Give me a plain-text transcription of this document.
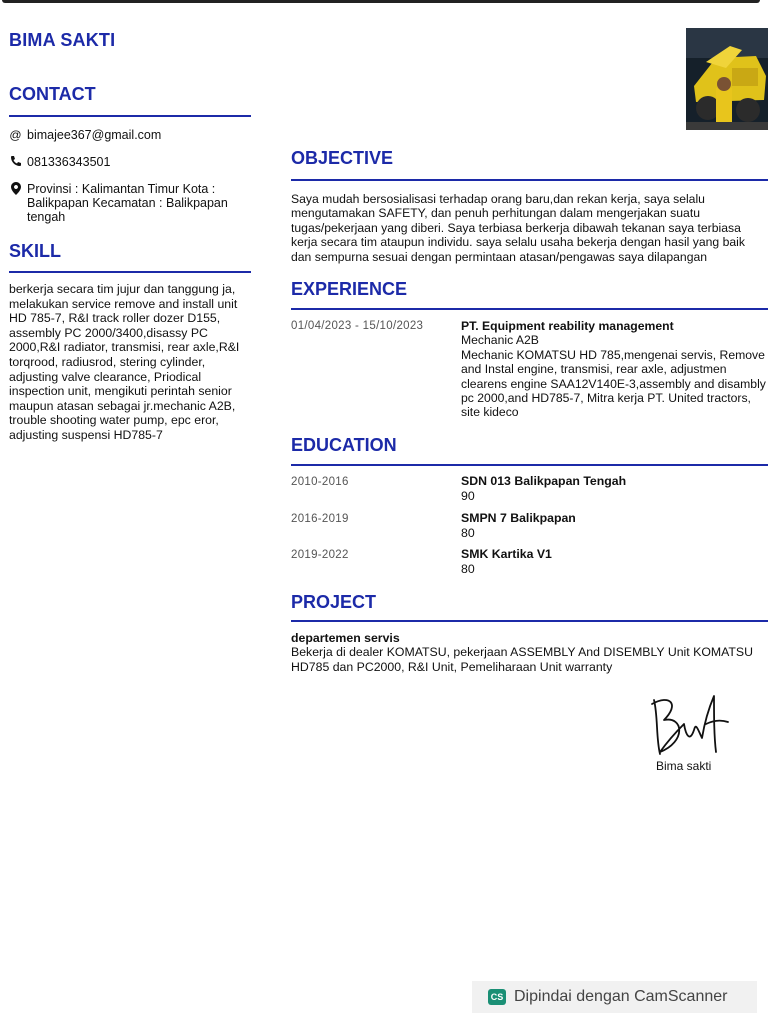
BIMA SAKTI
CONTACT
@ bimajee367@gmail.com
081336343501
Provinsi : Kalimantan Timur Kota : Balikpapan Kecamatan : Balikpapan tengah
SKILL
berkerja secara tim jujur dan tanggung ja, melakukan service remove and install unit HD 785-7, R&I track roller dozer D155, assembly PC 2000/3400,disassy PC 2000,R&I radiator, transmisi, rear axle,R&I torqrood, radiusrod, stering cylinder, adjusting valve clearance, Priodical inspection unit, mengikuti perintah senior maupun atasan sebagai jr.mechanic A2B, trouble shooting water pump, epc eror, adjusting suspensi HD785-7
OBJECTIVE
Saya mudah bersosialisasi terhadap orang baru,dan rekan kerja, saya selalu mengutamakan SAFETY, dan penuh perhitungan dalam mengerjakan suatu tugas/pekerjaan yang diberi. Saya terbiasa berkerja dibawah tekanan saya terbiasa kerja secara tim ataupun individu. saya selalu usaha bekerja dengan hasil yang baik dan sempurna sesuai dengan permintaan atasan/pengawas saya dilapangan
EXPERIENCE
01/04/2023 - 15/10/2023	PT. Equipment reability management
Mechanic A2B
Mechanic KOMATSU HD 785,mengenai servis, Remove and Instal engine, transmisi, rear axle, adjustmen clearens engine SAA12V140E-3,assembly and disambly pc 2000,and HD785-7, Mitra kerja PT. United tractors, site kideco
EDUCATION
2010-2016	SDN 013 Balikpapan Tengah
90
2016-2019	SMPN 7 Balikpapan
80
2019-2022	SMK Kartika V1
80
PROJECT
departemen servis
Bekerja di dealer KOMATSU, pekerjaan ASSEMBLY And DISEMBLY Unit KOMATSU HD785 dan PC2000, R&I Unit, Pemeliharaan Unit warranty
Bima sakti
CS Dipindai dengan CamScanner
